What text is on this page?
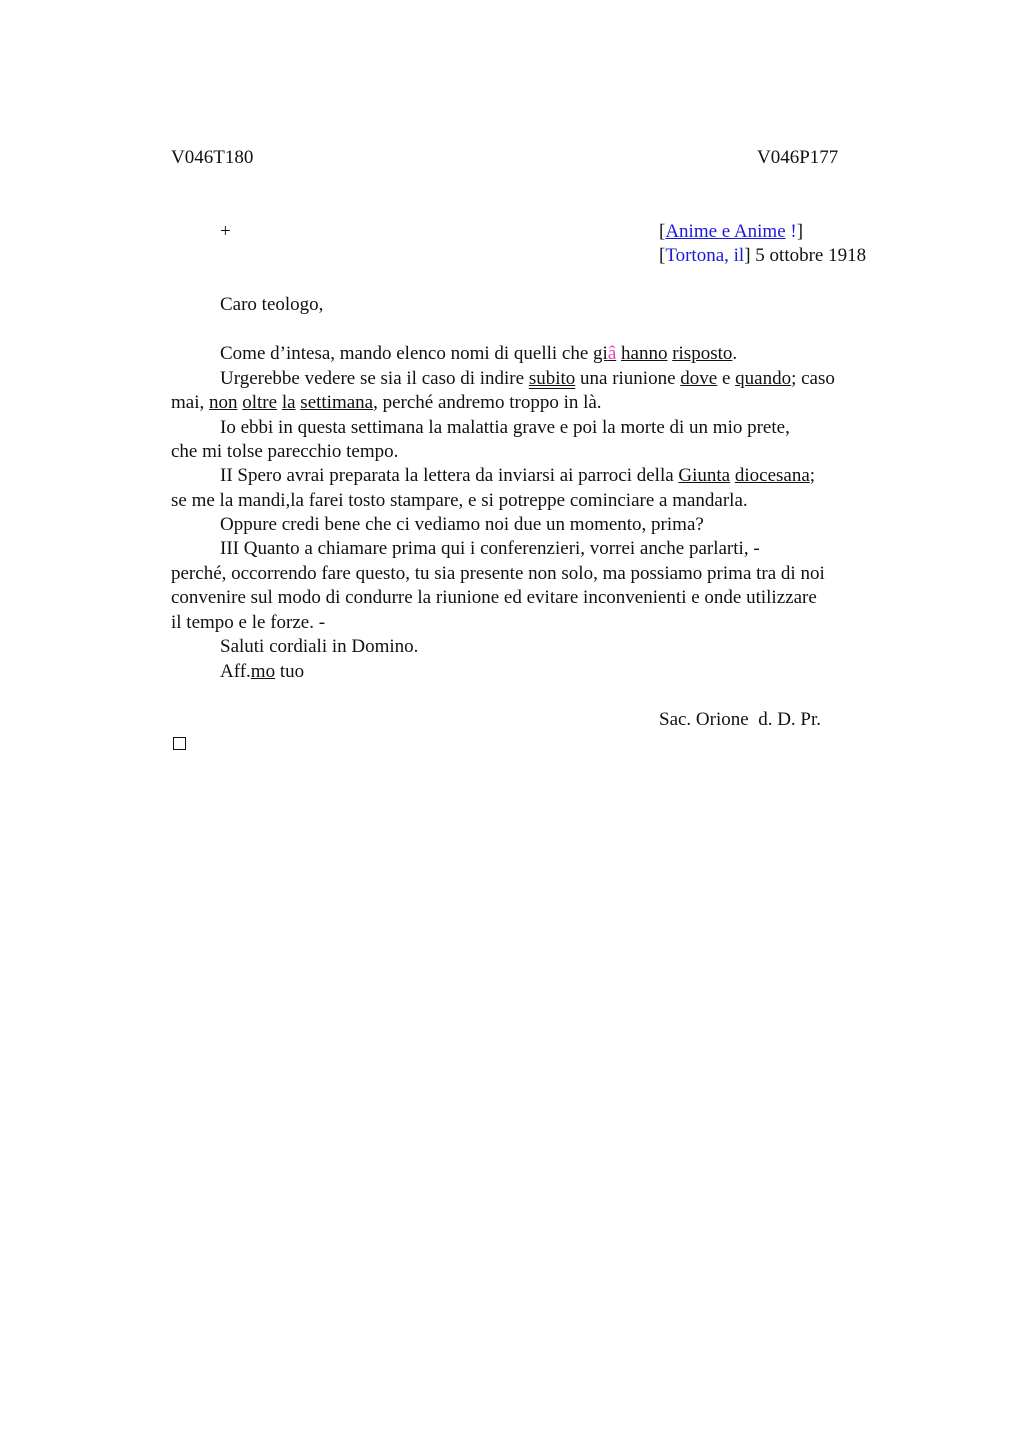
V046T180	V046P177
+	[Anime e Anime !]
[Tortona, il] 5 ottobre 1918
Caro teologo,
Come d’intesa, mando elenco nomi di quelli che giâ hanno risposto.
Urgerebbe vedere se sia il caso di indire subito una riunione dove e quando; caso
mai, non oltre la settimana, perché andremo troppo in là.
Io ebbi in questa settimana la malattia grave e poi la morte di un mio prete,
che mi tolse parecchio tempo.
II Spero avrai preparata la lettera da inviarsi ai parroci della Giunta diocesana;
se me la mandi,la farei tosto stampare, e si potreppe cominciare a mandarla.
Oppure credi bene che ci vediamo noi due un momento, prima?
III Quanto a chiamare prima qui i conferenzieri, vorrei anche parlarti, -
perché, occorrendo fare questo, tu sia presente non solo, ma possiamo prima tra di noi
convenire sul modo di condurre la riunione ed evitare inconvenienti e onde utilizzare
il tempo e le forze. -
Saluti cordiali in Domino.
Aff.mo tuo
Sac. Orione  d. D. Pr.
